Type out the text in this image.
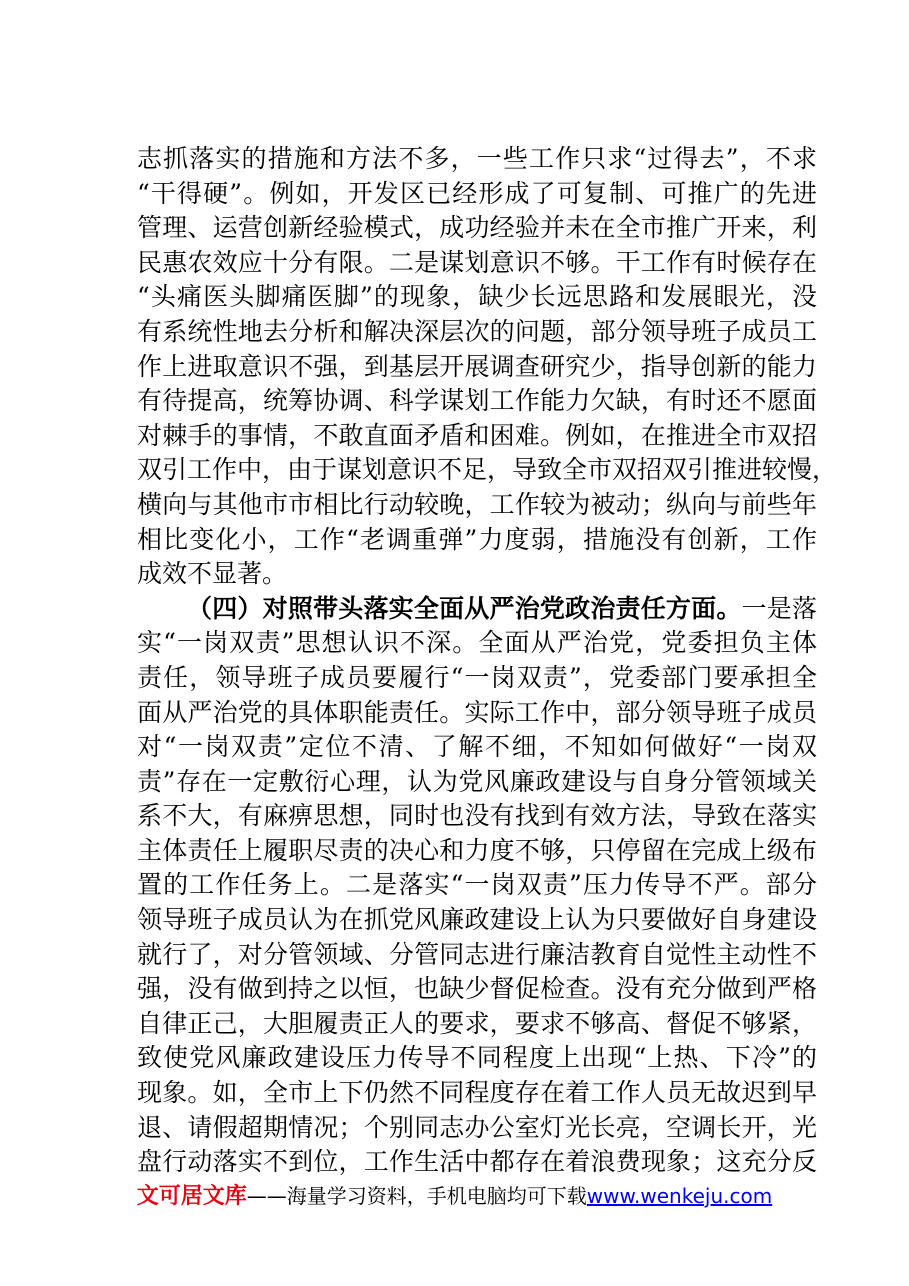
志抓落实的措施和方法不多，一些工作只求“过得去”，不求
“干得硬”。例如，开发区已经形成了可复制、可推广的先进
管理、运营创新经验模式，成功经验并未在全市推广开来，利
民惠农效应十分有限。二是谋划意识不够。干工作有时候存在
“头痛医头脚痛医脚”的现象，缺少长远思路和发展眼光，没
有系统性地去分析和解决深层次的问题，部分领导班子成员工
作上进取意识不强，到基层开展调查研究少，指导创新的能力
有待提高，统筹协调、科学谋划工作能力欠缺，有时还不愿面
对棘手的事情，不敢直面矛盾和困难。例如，在推进全市双招
双引工作中，由于谋划意识不足，导致全市双招双引推进较慢，
横向与其他市市相比行动较晚，工作较为被动；纵向与前些年
相比变化小，工作“老调重弹”力度弱，措施没有创新，工作
成效不显著。
（四）对照带头落实全面从严治党政治责任方面。一是落
实“一岗双责”思想认识不深。全面从严治党，党委担负主体
责任，领导班子成员要履行“一岗双责”，党委部门要承担全
面从严治党的具体职能责任。实际工作中，部分领导班子成员
对“一岗双责”定位不清、了解不细，不知如何做好“一岗双
责”存在一定敷衍心理，认为党风廉政建设与自身分管领域关
系不大，有麻痹思想，同时也没有找到有效方法，导致在落实
主体责任上履职尽责的决心和力度不够，只停留在完成上级布
置的工作任务上。二是落实“一岗双责”压力传导不严。部分
领导班子成员认为在抓党风廉政建设上认为只要做好自身建设
就行了，对分管领域、分管同志进行廉洁教育自觉性主动性不
强，没有做到持之以恒，也缺少督促检查。没有充分做到严格
自律正己，大胆履责正人的要求，要求不够高、督促不够紧，
致使党风廉政建设压力传导不同程度上出现“上热、下冷”的
现象。如，全市上下仍然不同程度存在着工作人员无故迟到早
退、请假超期情况；个别同志办公室灯光长亮，空调长开，光
盘行动落实不到位，工作生活中都存在着浪费现象；这充分反
文可居文库——海量学习资料，手机电脑均可下载www.wenkeju.com
